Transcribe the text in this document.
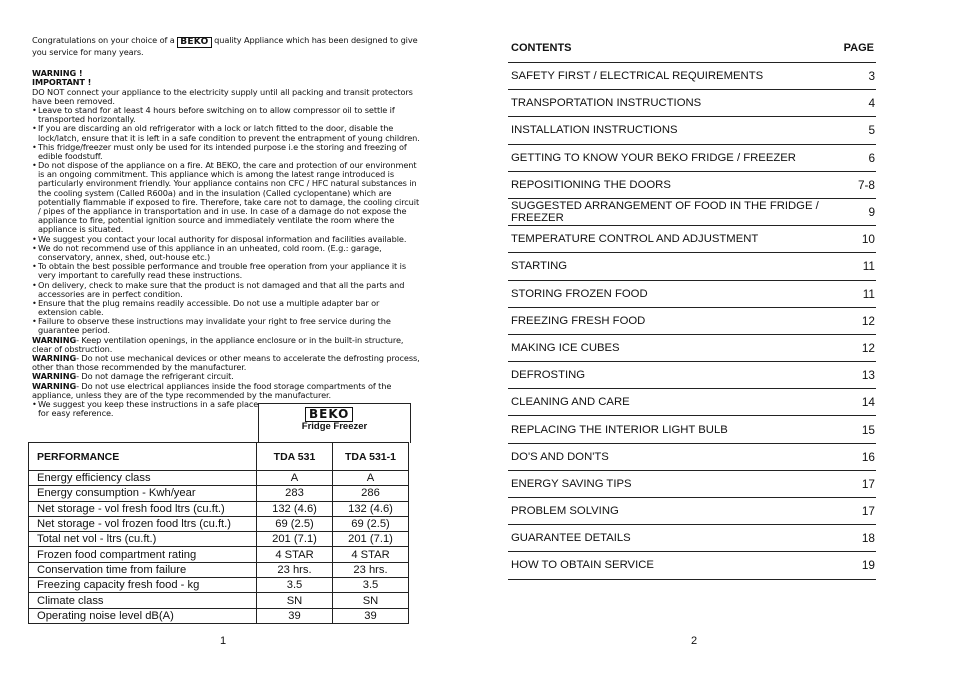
Congratulations on your choice of a BEKO quality Appliance which has been designed to give you service for many years.

WARNING !

IMPORTANT !

DO NOT connect your appliance to the electricity supply until all packing and transit protectors have been removed.

• Leave to stand for at least 4 hours before switching on to allow compressor oil to settle if transported horizontally.

• If you are discarding an old refrigerator with a lock or latch fitted to the door, disable the lock/latch, ensure that it is left in a safe condition to prevent the entrapment of young children.

• This fridge/freezer must only be used for its intended purpose i.e the storing and freezing of edible foodstuff.

• Do not dispose of the appliance on a fire. At BEKO, the care and protection of our environment is an ongoing commitment. This appliance which is among the latest range introduced is particularly environment friendly. Your appliance contains non CFC / HFC natural substances in the cooling system (Called R600a) and in the insulation (Called cyclopentane) which are potentially flammable if exposed to fire. Therefore, take care not to damage, the cooling circuit / pipes of the appliance in transportation and in use. In case of a damage do not expose the appliance to fire, potential ignition source and immediately ventilate the room where the appliance is situated.

• We suggest you contact your local authority for disposal information and facilities available.

• We do not recommend use of this appliance in an unheated, cold room. (E.g.: garage, conservatory, annex, shed, out-house etc.)

• To obtain the best possible performance and trouble free operation from your appliance it is very important to carefully read these instructions.

• On delivery, check to make sure that the product is not damaged and that all the parts and accessories are in perfect condition.

• Ensure that the plug remains readily accessible. Do not use a multiple adapter bar or extension cable.

• Failure to observe these instructions may invalidate your right to free service during the guarantee period.

WARNING- Keep ventilation openings, in the appliance enclosure or in the built-in structure, clear of obstruction.

WARNING- Do not use mechanical devices or other means to accelerate the defrosting process, other than those recommended by the manufacturer.

WARNING- Do not damage the refrigerant circuit.

WARNING- Do not use electrical appliances inside the food storage compartments of the appliance, unless they are of the type recommended by the manufacturer.

• We suggest you keep these instructions in a safe place for easy reference.	BEKO
Fridge Freezer
PERFORMANCE	TDA 531	TDA 531-1
Energy efficiency class	A	A
Energy consumption - Kwh/year	283	286
Net storage - vol fresh food ltrs (cu.ft.)	132 (4.6)	132 (4.6)
Net storage - vol frozen food ltrs (cu.ft.)	69 (2.5)	69 (2.5)
Total net vol - ltrs (cu.ft.)	201 (7.1)	201 (7.1)
Frozen food compartment rating	4 STAR	4 STAR
Conservation time from failure	23 hrs.	23 hrs.
Freezing capacity fresh food - kg	3.5	3.5
Climate class	SN	SN
Operating noise level dB(A)	39	39
1
CONTENTS	PAGE
SAFETY FIRST / ELECTRICAL REQUIREMENTS	3
TRANSPORTATION INSTRUCTIONS	4
INSTALLATION INSTRUCTIONS	5
GETTING TO KNOW YOUR BEKO FRIDGE / FREEZER	6
REPOSITIONING THE DOORS	7-8
SUGGESTED ARRANGEMENT OF FOOD IN THE FRIDGE / FREEZER	9
TEMPERATURE CONTROL AND ADJUSTMENT	10
STARTING	11
STORING FROZEN FOOD	11
FREEZING FRESH FOOD	12
MAKING ICE CUBES	12
DEFROSTING	13
CLEANING AND CARE	14
REPLACING THE INTERIOR LIGHT BULB	15
DO'S AND DON'TS	16
ENERGY SAVING TIPS	17
PROBLEM SOLVING	17
GUARANTEE DETAILS	18
HOW TO OBTAIN SERVICE	19
2
